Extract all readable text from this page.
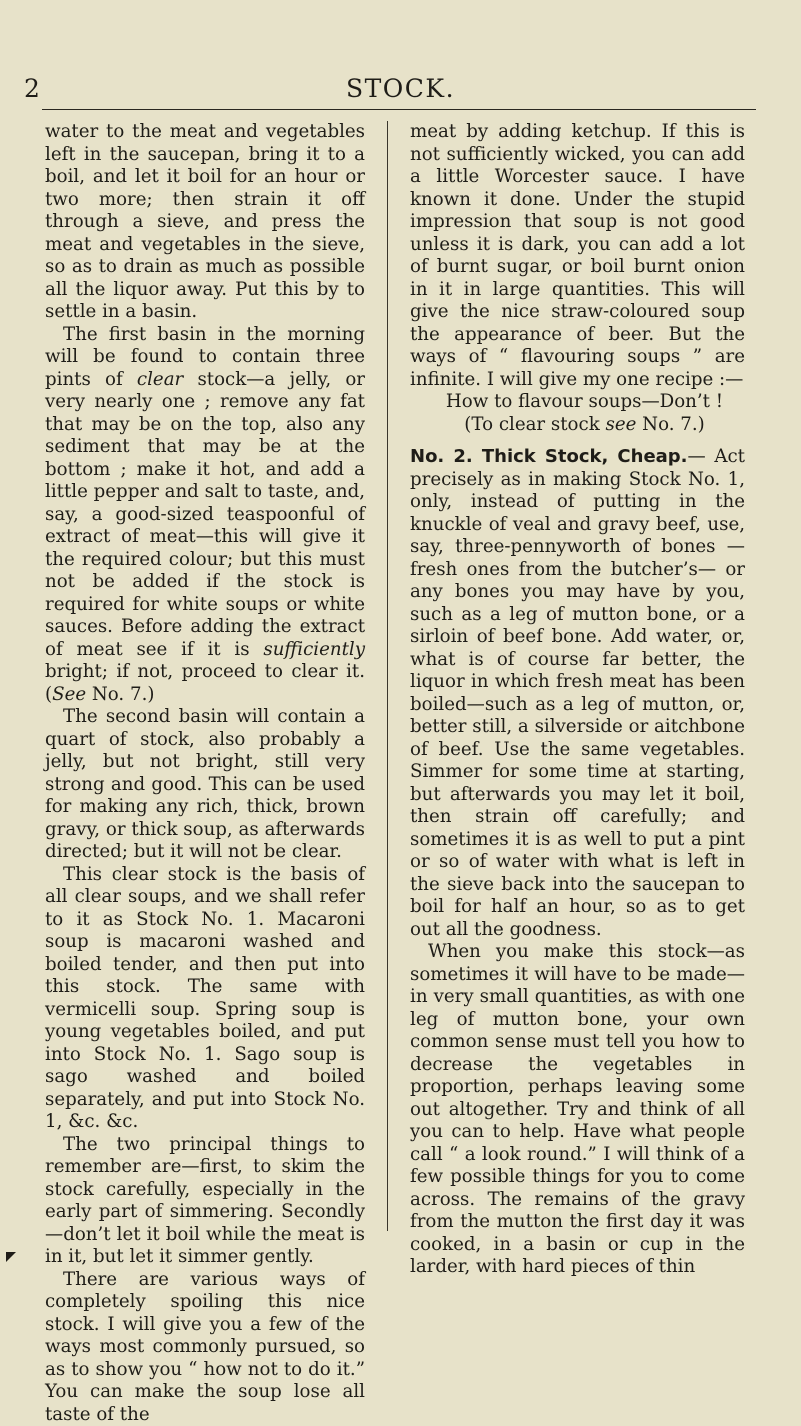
STOCK.
2

water to the meat and vegetables left in the saucepan, bring it to a boil, and let it boil for an hour or two more; then strain it off through a sieve, and press the meat and vegetables in the sieve, so as to drain as much as possible all the liquor away. Put this by to settle in a basin.

The first basin in the morning will be found to contain three pints of clear stock—a jelly, or very nearly one ; remove any fat that may be on the top, also any sediment that may be at the bottom ; make it hot, and add a little pepper and salt to taste, and, say, a good-sized teaspoonful of extract of meat—this will give it the required colour; but this must not be added if the stock is required for white soups or white sauces. Before adding the extract of meat see if it is sufficiently bright; if not, proceed to clear it. (See No. 7.)

The second basin will contain a quart of stock, also probably a jelly, but not bright, still very strong and good. This can be used for making any rich, thick, brown gravy, or thick soup, as afterwards directed; but it will not be clear.

This clear stock is the basis of all clear soups, and we shall refer to it as Stock No. 1. Macaroni soup is macaroni washed and boiled tender, and then put into this stock. The same with vermicelli soup. Spring soup is young vegetables boiled, and put into Stock No. 1. Sago soup is sago washed and boiled separately, and put into Stock No. 1, &c. &c.

The two principal things to remember are—first, to skim the stock carefully, especially in the early part of simmering. Secondly—don’t let it boil while the meat is in it, but let it simmer gently.

There are various ways of completely spoiling this nice stock. I will give you a few of the ways most commonly pursued, so as to show you “ how not to do it.” You can make the soup lose all taste of the

meat by adding ketchup. If this is not sufficiently wicked, you can add a little Worcester sauce. I have known it done. Under the stupid impression that soup is not good unless it is dark, you can add a lot of burnt sugar, or boil burnt onion in it in large quantities. This will give the nice straw-coloured soup the appearance of beer. But the ways of “ flavouring soups ” are infinite. I will give my one recipe :—

How to flavour soups—Don’t !

(To clear stock see No. 7.)

No. 2. Thick Stock, Cheap.— Act precisely as in making Stock No. 1, only, instead of putting in the knuckle of veal and gravy beef, use, say, three-pennyworth of bones —fresh ones from the butcher’s— or any bones you may have by you, such as a leg of mutton bone, or a sirloin of beef bone. Add water, or, what is of course far better, the liquor in which fresh meat has been boiled—such as a leg of mutton, or, better still, a silverside or aitchbone of beef. Use the same vegetables. Simmer for some time at starting, but afterwards you may let it boil, then strain off carefully; and sometimes it is as well to put a pint or so of water with what is left in the sieve back into the saucepan to boil for half an hour, so as to get out all the goodness.

When you make this stock—as sometimes it will have to be made—in very small quantities, as with one leg of mutton bone, your own common sense must tell you how to decrease the vegetables in proportion, perhaps leaving some out altogether. Try and think of all you can to help. Have what people call “ a look round.” I will think of a few possible things for you to come across. The remains of the gravy from the mutton the first day it was cooked, in a basin or cup in the larder, with hard pieces of thin
